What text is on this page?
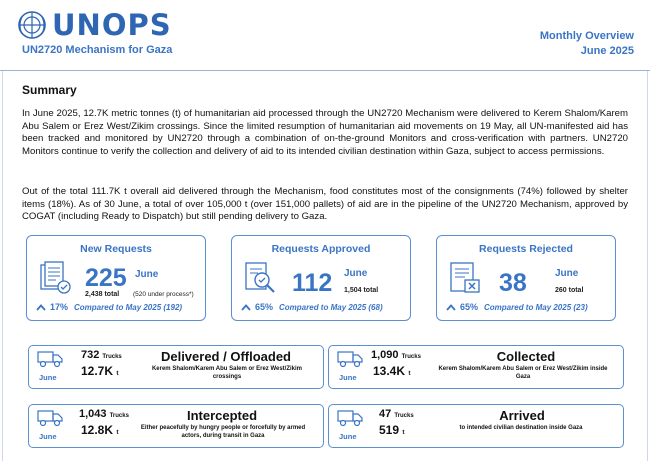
UNOPS
UN2720 Mechanism for Gaza
Monthly Overview
June 2025
Summary
In June 2025, 12.7K metric tonnes (t) of humanitarian aid processed through the UN2720 Mechanism were delivered to Kerem Shalom/Karem Abu Salem or Erez West/Zikim crossings. Since the limited resumption of humanitarian aid movements on 19 May, all UN-manifested aid has been tracked and monitored by UN2720 through a combination of on-the-ground Monitors and cross-verification with partners. UN2720 Monitors continue to verify the collection and delivery of aid to its intended civilian destination within Gaza, subject to access permissions.
Out of the total 111.7K t overall aid delivered through the Mechanism, food constitutes most of the consignments (74%) followed by shelter items (18%). As of 30 June, a total of over 105,000 t (over 151,000 pallets) of aid are in the pipeline of the UN2720 Mechanism, approved by COGAT (including Ready to Dispatch) but still pending delivery to Gaza.
New Requests
225 June
2,438 total (520 under process*)
17% Compared to May 2025 (192)
Requests Approved
112 June
1,504 total
65% Compared to May 2025 (68)
Requests Rejected
38	June
260 total
65% Compared to May 2025 (23)
June
732 Trucks
12.7K t
Delivered / Offloaded
Kerem Shalom/Karem Abu Salem or Erez West/Zikim crossings	June
1,090 Trucks
13.4K t
Collected
Kerem Shalom/Karem Abu Salem or Erez West/Zikim inside Gaza
June
1,043 Trucks
12.8K t
Intercepted
Either peacefully by hungry people or forcefully by armed actors, during transit in Gaza	June
47 Trucks
519 t
Arrived
to intended civilian destination inside Gaza
